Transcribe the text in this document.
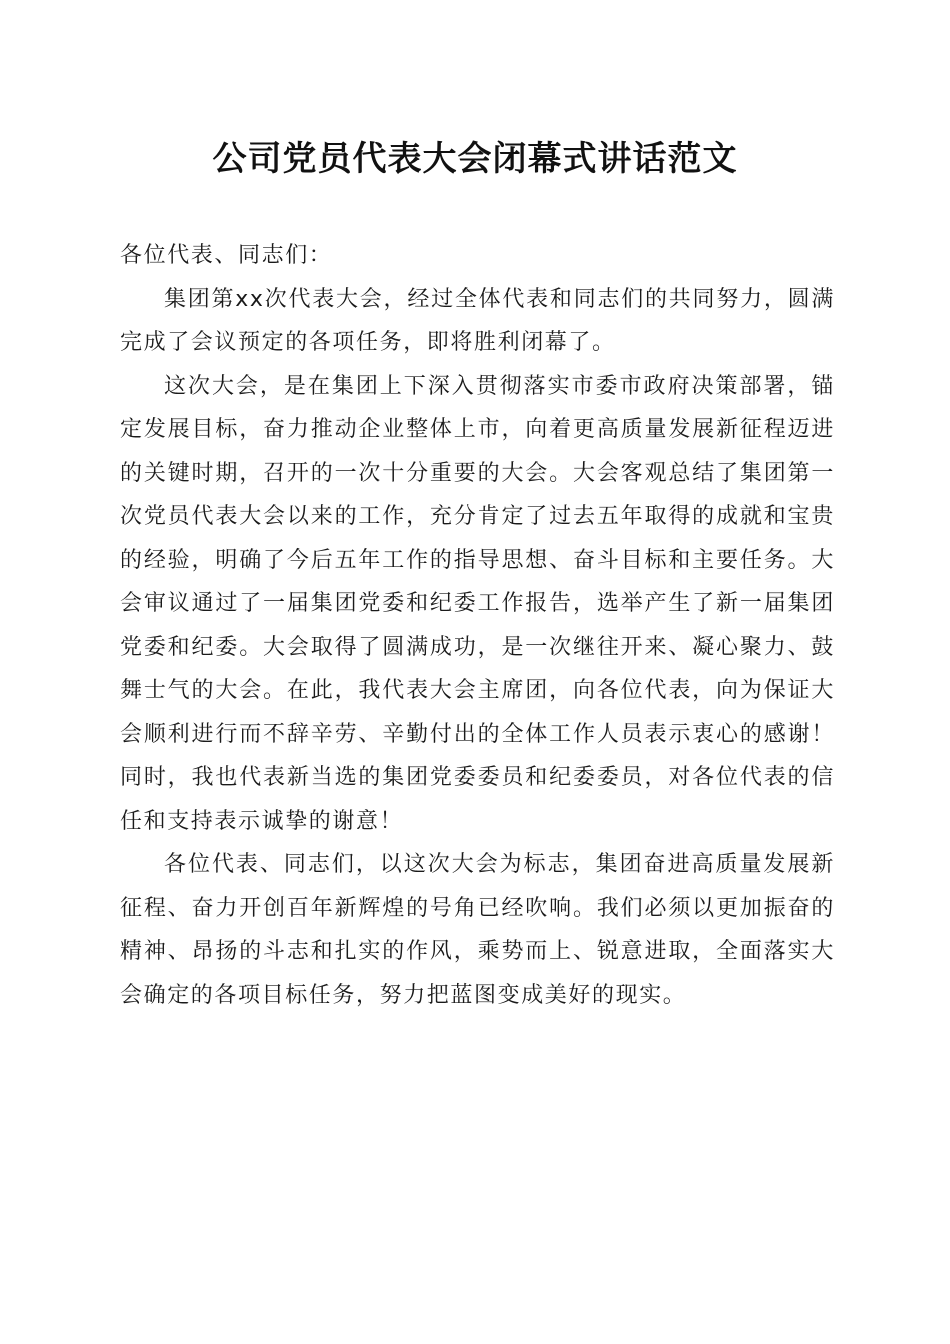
公司党员代表大会闭幕式讲话范文

各位代表、同志们：

集团第xx次代表大会，经过全体代表和同志们的共同努力，圆满完成了会议预定的各项任务，即将胜利闭幕了。

这次大会，是在集团上下深入贯彻落实市委市政府决策部署，锚定发展目标，奋力推动企业整体上市，向着更高质量发展新征程迈进的关键时期，召开的一次十分重要的大会。大会客观总结了集团第一次党员代表大会以来的工作，充分肯定了过去五年取得的成就和宝贵的经验，明确了今后五年工作的指导思想、奋斗目标和主要任务。大会审议通过了一届集团党委和纪委工作报告，选举产生了新一届集团党委和纪委。大会取得了圆满成功，是一次继往开来、凝心聚力、鼓舞士气的大会。在此，我代表大会主席团，向各位代表，向为保证大会顺利进行而不辞辛劳、辛勤付出的全体工作人员表示衷心的感谢！同时，我也代表新当选的集团党委委员和纪委委员，对各位代表的信任和支持表示诚挚的谢意！

各位代表、同志们，以这次大会为标志，集团奋进高质量发展新征程、奋力开创百年新辉煌的号角已经吹响。我们必须以更加振奋的精神、昂扬的斗志和扎实的作风，乘势而上、锐意进取，全面落实大会确定的各项目标任务，努力把蓝图变成美好的现实。
